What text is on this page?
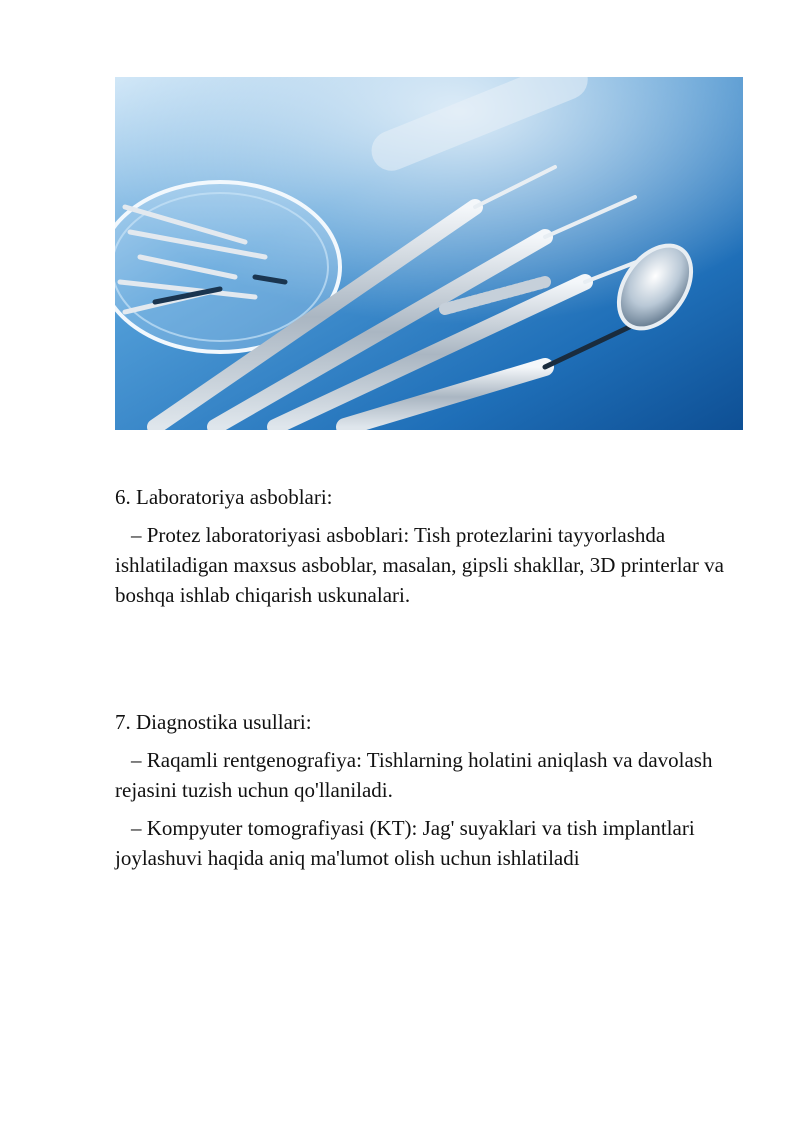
6. Laboratoriya asboblari:

– Protez laboratoriyasi asboblari: Tish protezlarini tayyorlashda ishlatiladigan maxsus asboblar, masalan, gipsli shakllar, 3D printerlar va boshqa ishlab chiqarish uskunalari.

7. Diagnostika usullari:

– Raqamli rentgenografiya: Tishlarning holatini aniqlash va davolash rejasini tuzish uchun qo'llaniladi.

– Kompyuter tomografiyasi (KT): Jag' suyaklari va tish implantlari joylashuvi haqida aniq ma'lumot olish uchun ishlatiladi
